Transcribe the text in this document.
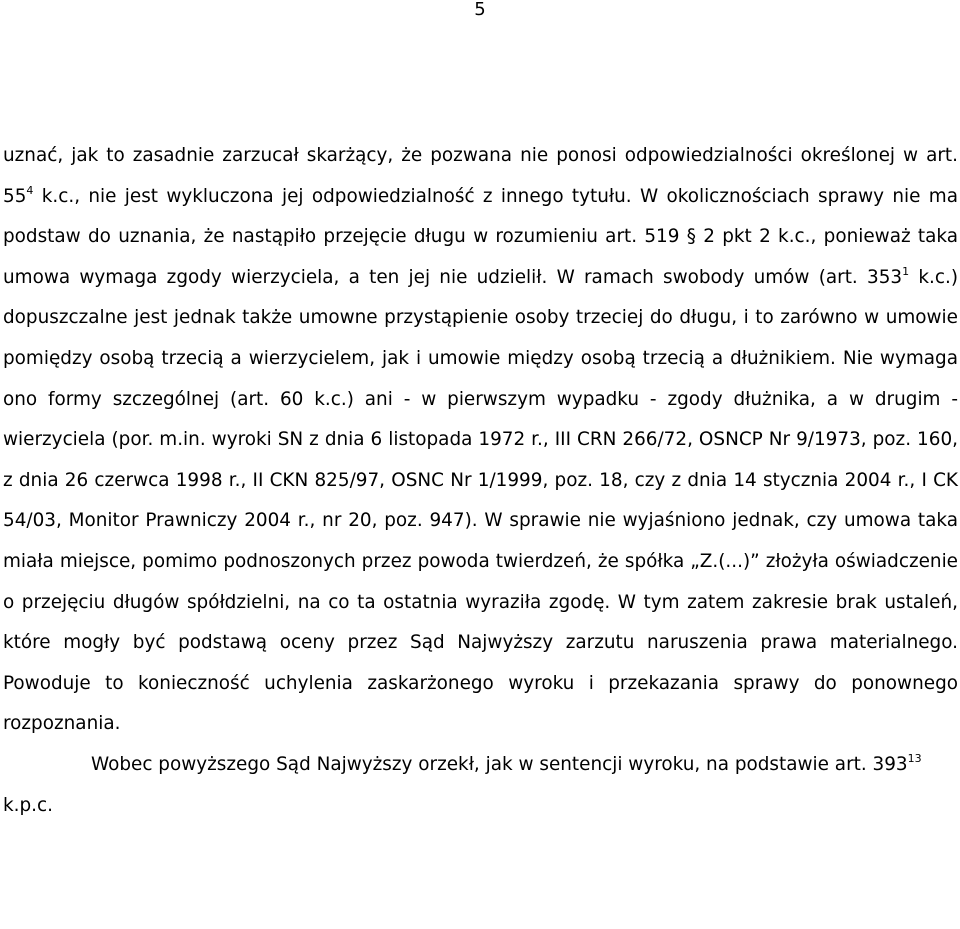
5

uznać, jak to zasadnie zarzucał skarżący, że pozwana nie ponosi odpowiedzialności określonej w art. $55^4$ k.c., nie jest wykluczona jej odpowiedzialność z innego tytułu. W okoliczn​ościach sprawy nie ma podstaw do uznania, że nastąpiło przejęcie długu w rozumieniu art. 519 § 2 pkt 2 k.c., ponieważ taka umowa wymaga zgody wierzyciela, a ten jej nie udzielił. W ramach swobody umów (art. $353^1$ k.c.) dopuszczalne jest jednak także umowne przystąpienie osoby trzeciej do długu, i to zarówno w umowie pomiędzy osobą trzecią a wierzycielem, jak i umowie między osobą trzecią a dłużnikiem. Nie wymaga ono formy szczególnej (art. 60 k.c.) ani - w pierwszym wypadku - zgody dłużnika, a w drugim - wierzyciela (por. m.in. wyroki SN z dnia 6 listopada 1972 r., III CRN 266/72, OSNCP Nr 9/1973, poz. 160, z dnia 26 czerwca 1998 r., II CKN 825/97, OSNC Nr 1/1999, poz. 18, czy z dnia 14 stycznia 2004 r., I CK 54/03, Monitor Prawniczy 2004 r., nr 20, poz. 947). W sprawie nie wyjaśniono jednak, czy umowa taka miała miejsce, pomimo podnoszonych przez powoda twierdzeń, że spółka „Z.(...)” złożyła oświadczenie o przejęciu długów spółdzielni, na co ta ostatnia wyraziła zgodę. W tym zatem zakresie brak ustaleń, które mogły być podstawą oceny przez Sąd Najwyższy zarzutu naruszenia prawa materialnego. Powoduje to konieczność uchylenia zaskarżonego wyroku i przekazania sprawy do ponownego rozpoznania.

Wobec powyższego Sąd Najwyższy orzekł, jak w sentencji wyroku, na podstawie art. $393^{13}$ k.p.c.
